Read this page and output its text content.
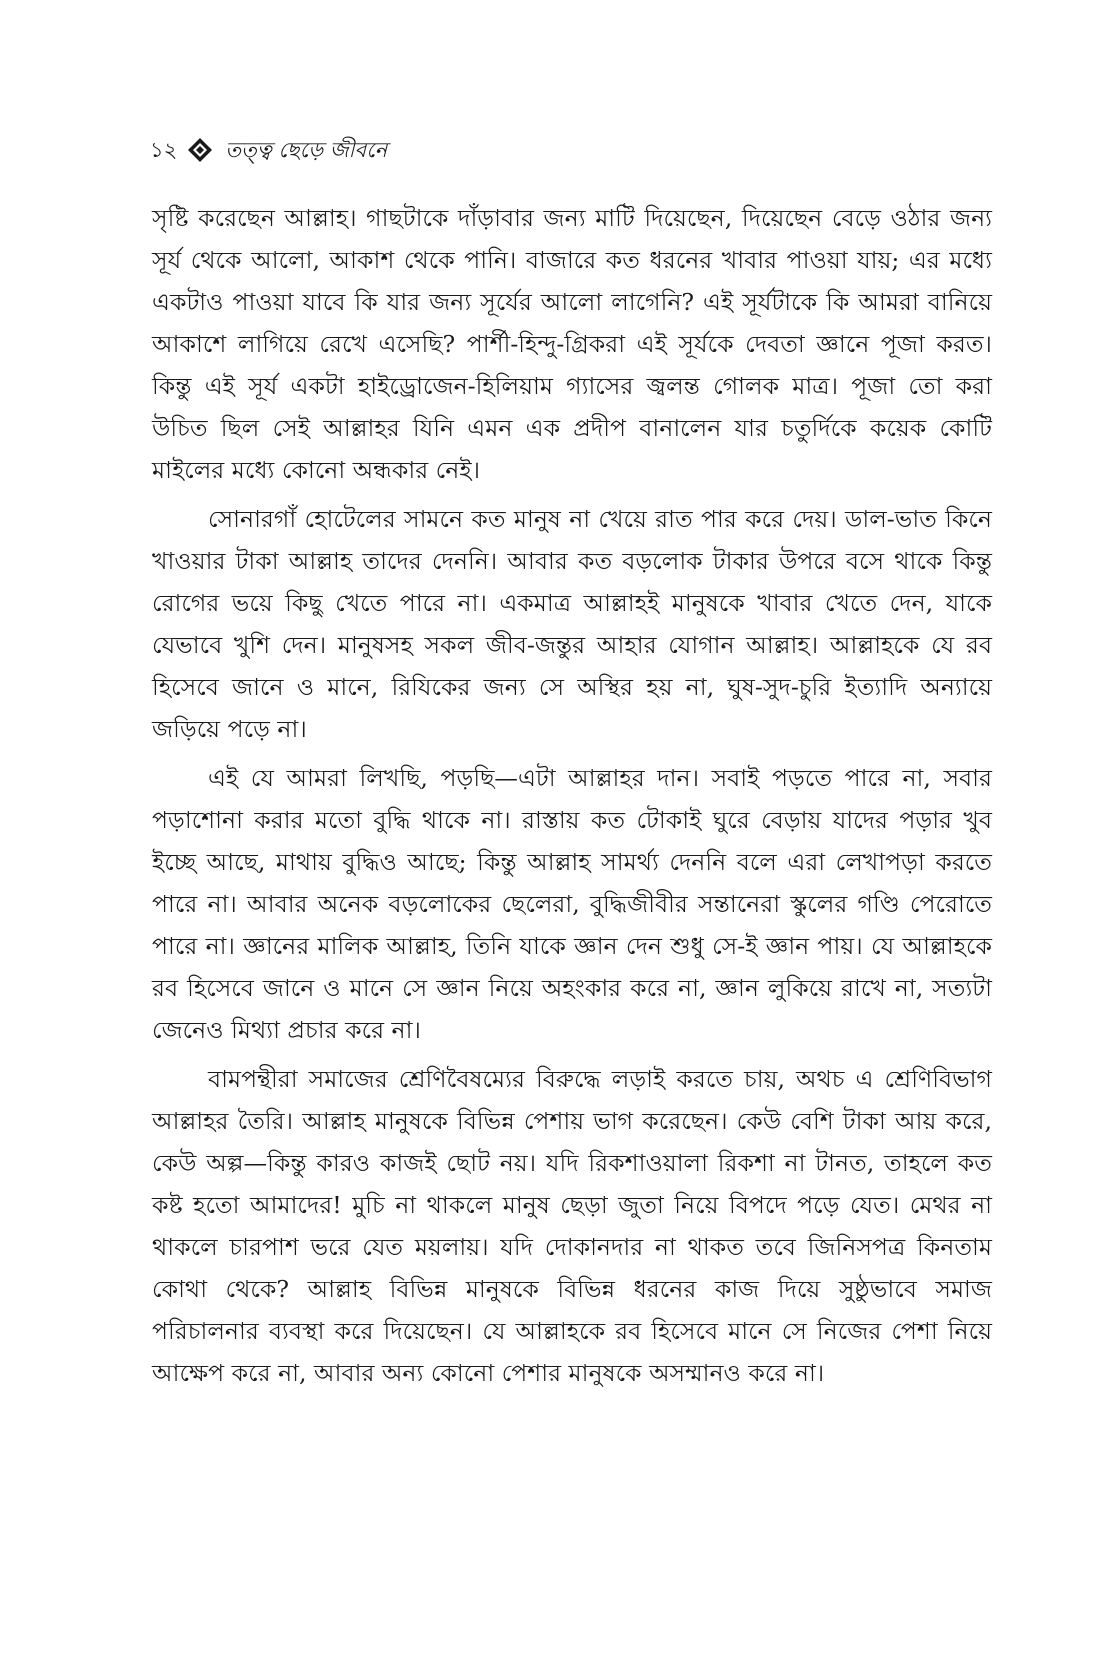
১২ তত্ত্ব ছেড়ে জীবনে

সৃষ্টি করেছেন আল্লাহ। গাছটাকে দাঁড়াবার জন্য মাটি দিয়েছেন, দিয়েছেন বেড়ে ওঠার জন্য সূর্য থেকে আলো, আকাশ থেকে পানি। বাজারে কত ধরনের খাবার পাওয়া যায়; এর মধ্যে একটাও পাওয়া যাবে কি যার জন্য সূর্যের আলো লাগেনি? এই সূর্যটাকে কি আমরা বানিয়ে আকাশে লাগিয়ে রেখে এসেছি? পার্শী-হিন্দু-গ্রিকরা এই সূর্যকে দেবতা জ্ঞানে পূজা করত। কিন্তু এই সূর্য একটা হাইড্রোজেন-হিলিয়াম গ্যাসের জ্বলন্ত গোলক মাত্র। পূজা তো করা উচিত ছিল সেই আল্লাহর যিনি এমন এক প্রদীপ বানালেন যার চতুর্দিকে কয়েক কোটি মাইলের মধ্যে কোনো অন্ধকার নেই।

সোনারগাঁ হোটেলের সামনে কত মানুষ না খেয়ে রাত পার করে দেয়। ডাল-ভাত কিনে খাওয়ার টাকা আল্লাহ তাদের দেননি। আবার কত বড়লোক টাকার উপরে বসে থাকে কিন্তু রোগের ভয়ে কিছু খেতে পারে না। একমাত্র আল্লাহই মানুষকে খাবার খেতে দেন, যাকে যেভাবে খুশি দেন। মানুষসহ সকল জীব-জন্তুর আহার যোগান আল্লাহ। আল্লাহকে যে রব হিসেবে জানে ও মানে, রিযিকের জন্য সে অস্থির হয় না, ঘুষ-সুদ-চুরি ইত্যাদি অন্যায়ে জড়িয়ে পড়ে না।

এই যে আমরা লিখছি, পড়ছি—এটা আল্লাহর দান। সবাই পড়তে পারে না, সবার পড়াশোনা করার মতো বুদ্ধি থাকে না। রাস্তায় কত টোকাই ঘুরে বেড়ায় যাদের পড়ার খুব ইচ্ছে আছে, মাথায় বুদ্ধিও আছে; কিন্তু আল্লাহ সামর্থ্য দেননি বলে এরা লেখাপড়া করতে পারে না। আবার অনেক বড়লোকের ছেলেরা, বুদ্ধিজীবীর সন্তানেরা স্কুলের গণ্ডি পেরোতে পারে না। জ্ঞানের মালিক আল্লাহ, তিনি যাকে জ্ঞান দেন শুধু সে-ই জ্ঞান পায়। যে আল্লাহকে রব হিসেবে জানে ও মানে সে জ্ঞান নিয়ে অহংকার করে না, জ্ঞান লুকিয়ে রাখে না, সত্যটা জেনেও মিথ্যা প্রচার করে না।

বামপন্থীরা সমাজের শ্রেণিবৈষম্যের বিরুদ্ধে লড়াই করতে চায়, অথচ এ শ্রেণিবিভাগ আল্লাহর তৈরি। আল্লাহ মানুষকে বিভিন্ন পেশায় ভাগ করেছেন। কেউ বেশি টাকা আয় করে, কেউ অল্প—কিন্তু কারও কাজই ছোট নয়। যদি রিকশাওয়ালা রিকশা না টানত, তাহলে কত কষ্ট হতো আমাদের! মুচি না থাকলে মানুষ ছেড়া জুতা নিয়ে বিপদে পড়ে যেত। মেথর না থাকলে চারপাশ ভরে যেত ময়লায়। যদি দোকানদার না থাকত তবে জিনিসপত্র কিনতাম কোথা থেকে? আল্লাহ বিভিন্ন মানুষকে বিভিন্ন ধরনের কাজ দিয়ে সুষ্ঠুভাবে সমাজ পরিচালনার ব্যবস্থা করে দিয়েছেন। যে আল্লাহকে রব হিসেবে মানে সে নিজের পেশা নিয়ে আক্ষেপ করে না, আবার অন্য কোনো পেশার মানুষকে অসম্মানও করে না।
